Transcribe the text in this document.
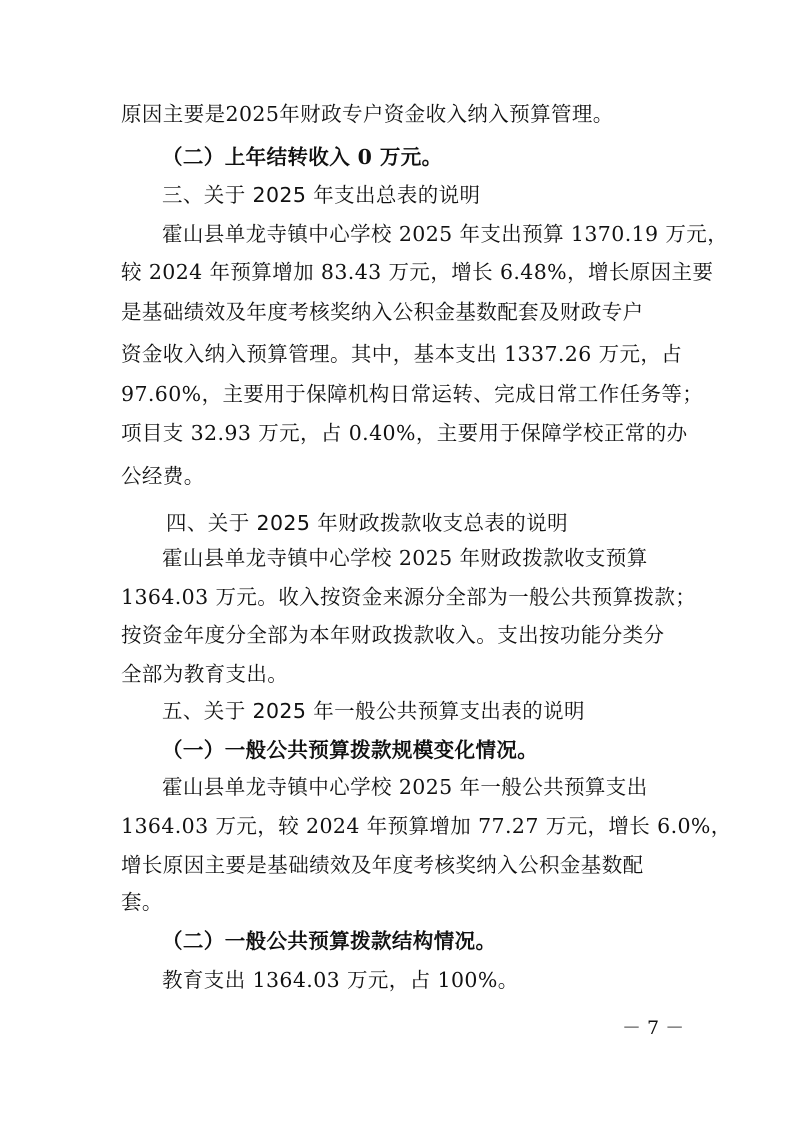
原因主要是2025年财政专户资金收入纳入预算管理。
（二）上年结转收入 0 万元。
三、关于 2025 年支出总表的说明
霍山县单龙寺镇中心学校 2025 年支出预算 1370.19 万元，
较 2024 年预算增加 83.43 万元，增长 6.48%，增长原因主要
是基础绩效及年度考核奖纳入公积金基数配套及财政专户
资金收入纳入预算管理。其中，基本支出 1337.26 万元，占
97.60%，主要用于保障机构日常运转、完成日常工作任务等；
项目支 32.93 万元，占 0.40%，主要用于保障学校正常的办
公经费。
四、关于 2025 年财政拨款收支总表的说明
霍山县单龙寺镇中心学校 2025 年财政拨款收支预算
1364.03 万元。收入按资金来源分全部为一般公共预算拨款；
按资金年度分全部为本年财政拨款收入。支出按功能分类分
全部为教育支出。
五、关于 2025 年一般公共预算支出表的说明
（一）一般公共预算拨款规模变化情况。
霍山县单龙寺镇中心学校 2025 年一般公共预算支出
1364.03 万元，较 2024 年预算增加 77.27 万元，增长 6.0%，
增长原因主要是基础绩效及年度考核奖纳入公积金基数配
套。
（二）一般公共预算拨款结构情况。
教育支出 1364.03 万元，占 100%。
－ 7 －
